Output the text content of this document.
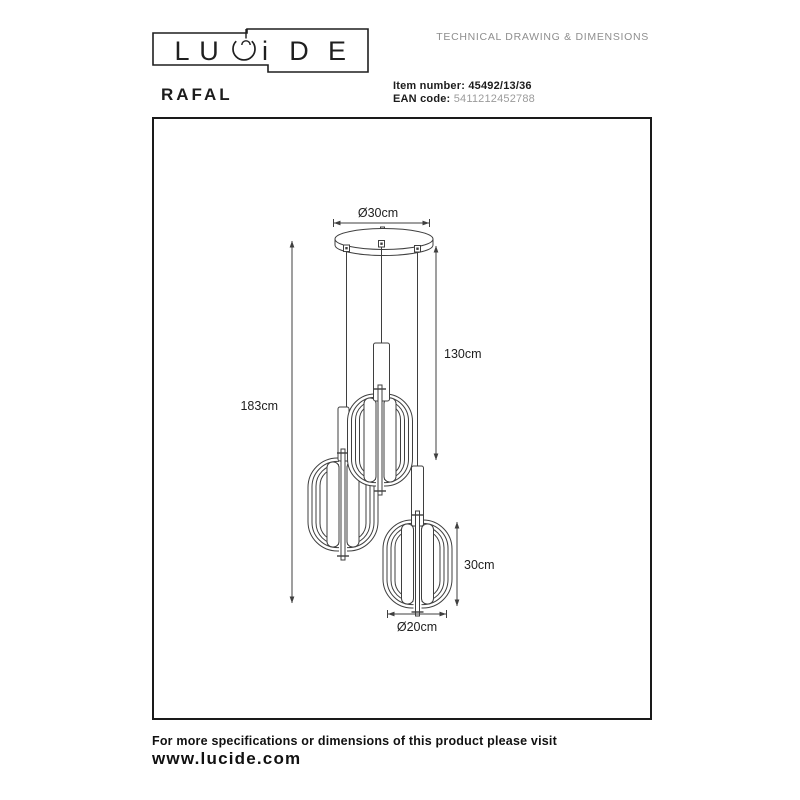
L U i D E
RAFAL
TECHNICAL DRAWING & DIMENSIONS
Item number: 45492/13/36
EAN code: 5411212452788
Ø30cm
130cm
183cm
30cm
Ø20cm
For more specifications or dimensions of this product please visit
www.lucide.com
